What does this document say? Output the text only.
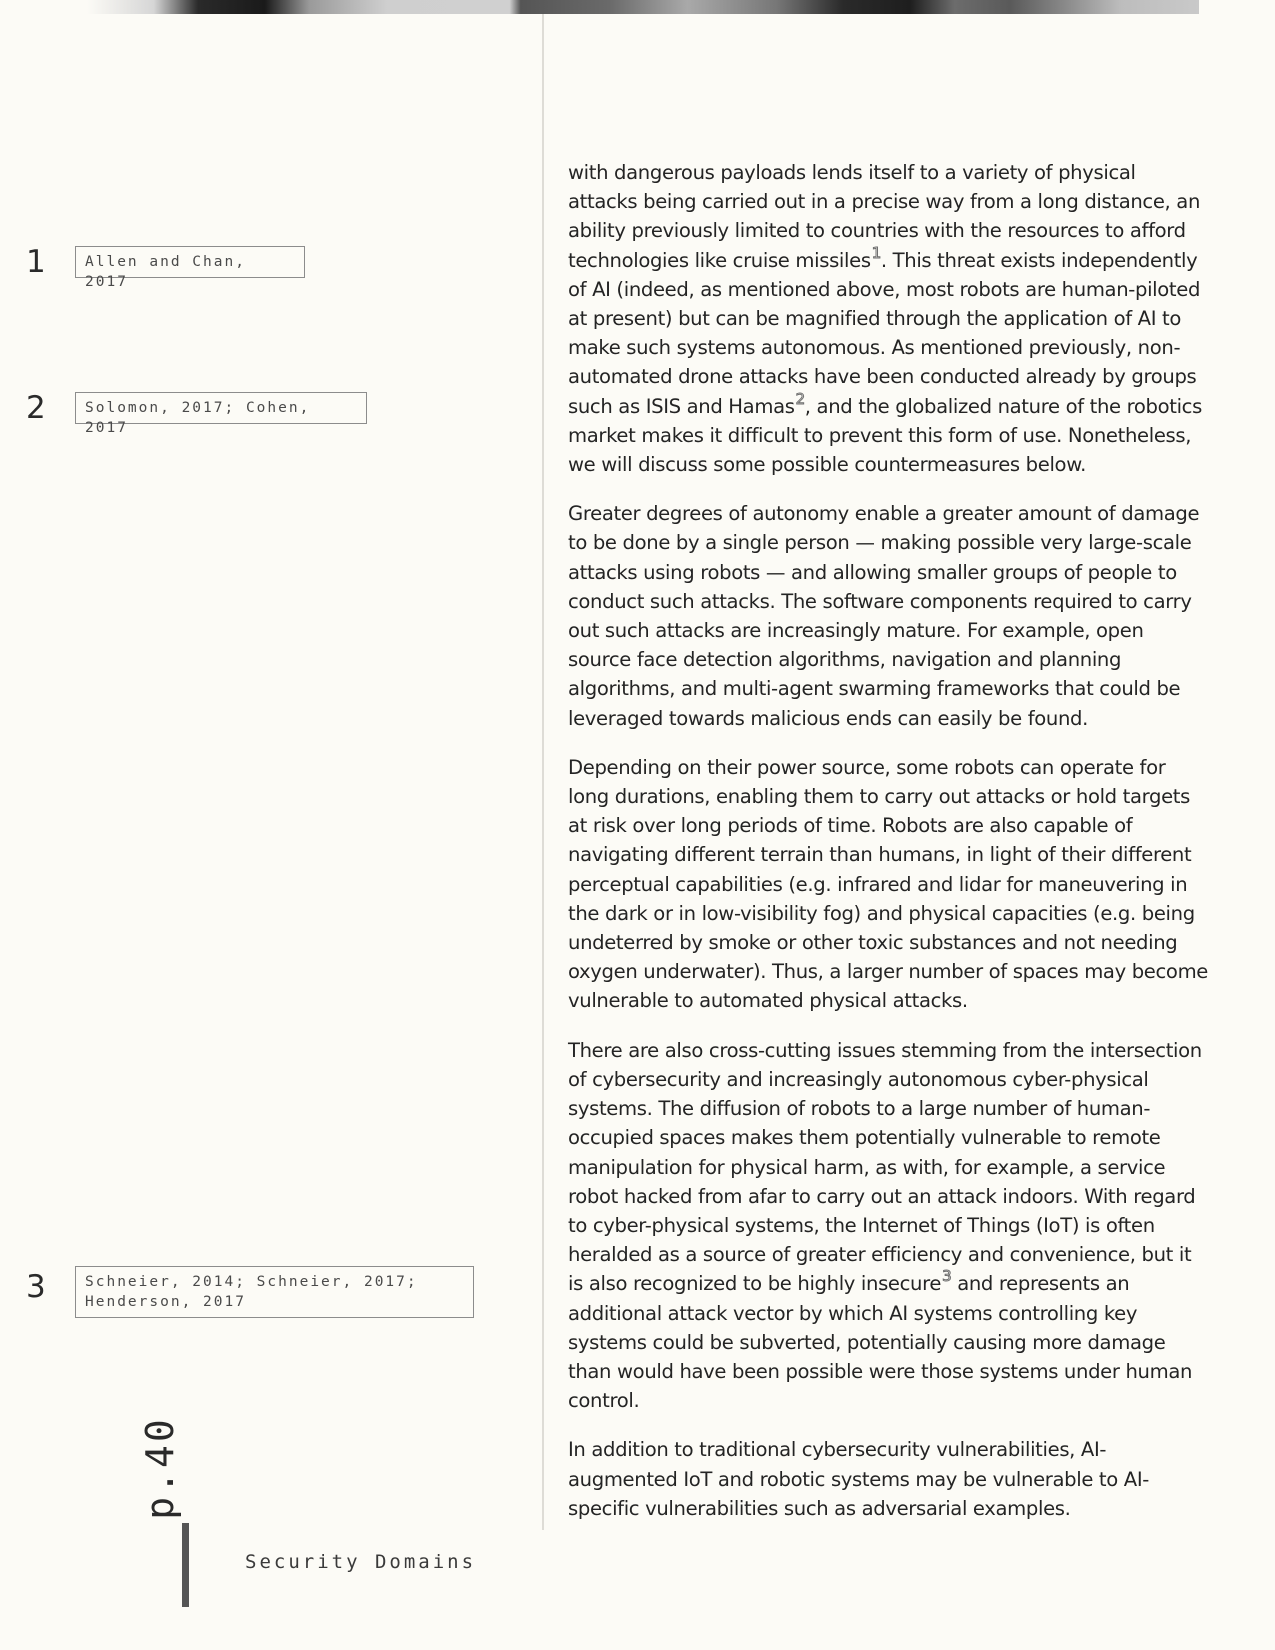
1	Allen and Chan, 2017
2	Solomon, 2017; Cohen, 2017
3	Schneier, 2014; Schneier, 2017;
Henderson, 2017

with dangerous payloads lends itself to a variety of physical attacks being carried out in a precise way from a long distance, an ability previously limited to countries with the resources to afford technologies like cruise missiles$^1$. This threat exists independently of AI (indeed, as mentioned above, most robots are human-piloted at present) but can be magnified through the application of AI to make such systems autonomous. As mentioned previously, non-automated drone attacks have been conducted already by groups such as ISIS and Hamas$^2$, and the globalized nature of the robotics market makes it difficult to prevent this form of use. Nonetheless, we will discuss some possible countermeasures below.

Greater degrees of autonomy enable a greater amount of damage to be done by a single person — making possible very large-scale attacks using robots — and allowing smaller groups of people to conduct such attacks. The software components required to carry out such attacks are increasingly mature. For example, open source face detection algorithms, navigation and planning algorithms, and multi-agent swarming frameworks that could be leveraged towards malicious ends can easily be found.

Depending on their power source, some robots can operate for long durations, enabling them to carry out attacks or hold targets at risk over long periods of time. Robots are also capable of navigating different terrain than humans, in light of their different perceptual capabilities (e.g. infrared and lidar for maneuvering in the dark or in low-visibility fog) and physical capacities (e.g. being undeterred by smoke or other toxic substances and not needing oxygen underwater). Thus, a larger number of spaces may become vulnerable to automated physical attacks.

There are also cross-cutting issues stemming from the intersection of cybersecurity and increasingly autonomous cyber-physical systems. The diffusion of robots to a large number of human-occupied spaces makes them potentially vulnerable to remote manipulation for physical harm, as with, for example, a service robot hacked from afar to carry out an attack indoors. With regard to cyber-physical systems, the Internet of Things (IoT) is often heralded as a source of greater efficiency and convenience, but it is also recognized to be highly insecure$^3$ and represents an additional attack vector by which AI systems controlling key systems could be subverted, potentially causing more damage than would have been possible were those systems under human control.

In addition to traditional cybersecurity vulnerabilities, AI-augmented IoT and robotic systems may be vulnerable to AI-specific vulnerabilities such as adversarial examples.

p.40
Security Domains
